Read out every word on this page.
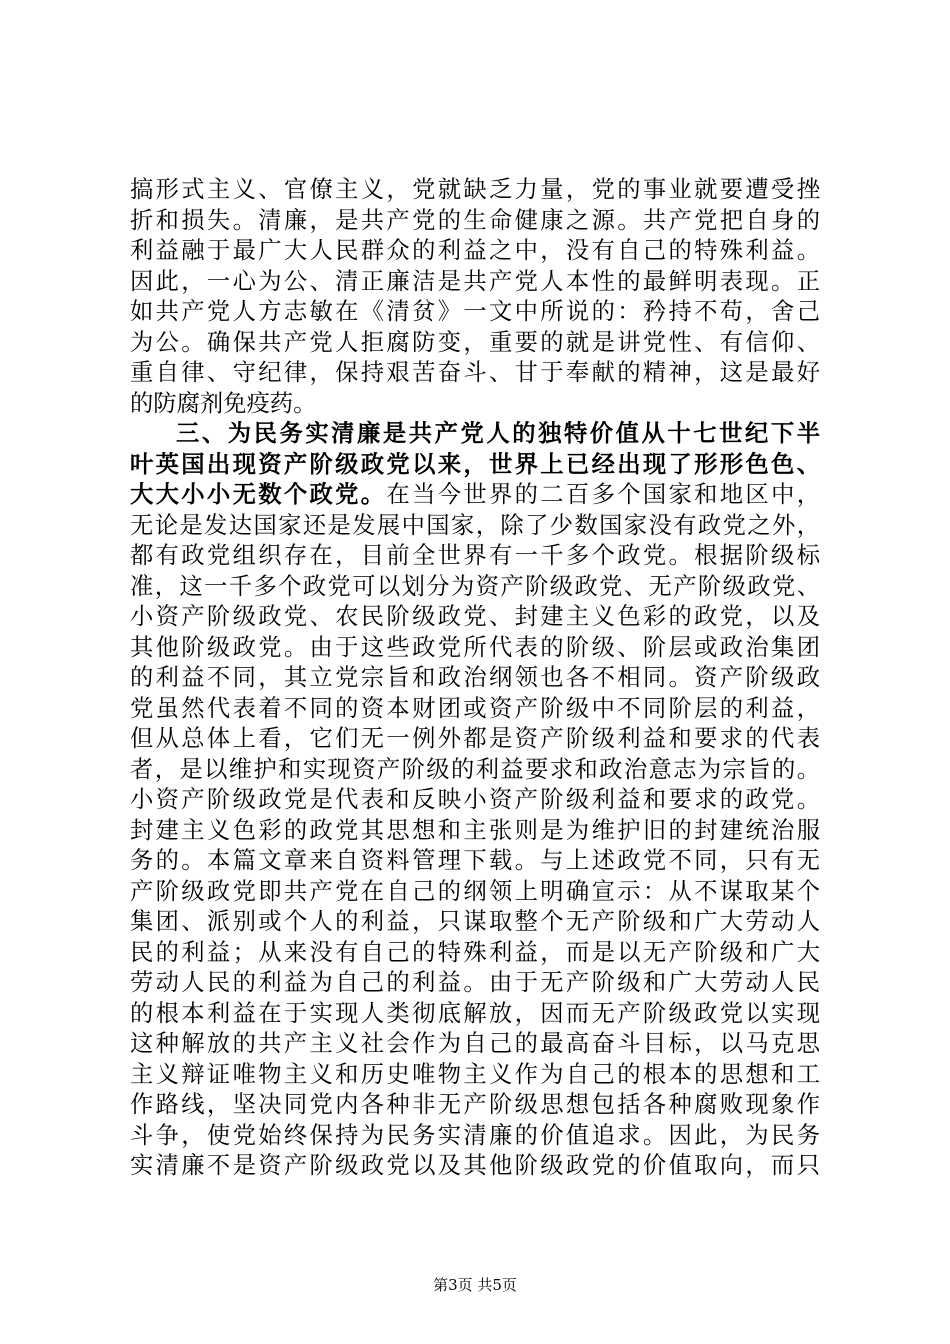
搞形式主义、官僚主义，党就缺乏力量，党的事业就要遭受挫
折和损失。清廉，是共产党的生命健康之源。共产党把自身的
利益融于最广大人民群众的利益之中，没有自己的特殊利益。
因此，一心为公、清正廉洁是共产党人本性的最鲜明表现。正
如共产党人方志敏在《清贫》一文中所说的：矜持不苟，舍己
为公。确保共产党人拒腐防变，重要的就是讲党性、有信仰、
重自律、守纪律，保持艰苦奋斗、甘于奉献的精神，这是最好
的防腐剂免疫药。
三、为民务实清廉是共产党人的独特价值从十七世纪下半
叶英国出现资产阶级政党以来，世界上已经出现了形形色色、
大大小小无数个政党。在当今世界的二百多个国家和地区中，
无论是发达国家还是发展中国家，除了少数国家没有政党之外，
都有政党组织存在，目前全世界有一千多个政党。根据阶级标
准，这一千多个政党可以划分为资产阶级政党、无产阶级政党、
小资产阶级政党、农民阶级政党、封建主义色彩的政党，以及
其他阶级政党。由于这些政党所代表的阶级、阶层或政治集团
的利益不同，其立党宗旨和政治纲领也各不相同。资产阶级政
党虽然代表着不同的资本财团或资产阶级中不同阶层的利益，
但从总体上看，它们无一例外都是资产阶级利益和要求的代表
者，是以维护和实现资产阶级的利益要求和政治意志为宗旨的。
小资产阶级政党是代表和反映小资产阶级利益和要求的政党。
封建主义色彩的政党其思想和主张则是为维护旧的封建统治服
务的。本篇文章来自资料管理下载。与上述政党不同，只有无
产阶级政党即共产党在自己的纲领上明确宣示：从不谋取某个
集团、派别或个人的利益，只谋取整个无产阶级和广大劳动人
民的利益；从来没有自己的特殊利益，而是以无产阶级和广大
劳动人民的利益为自己的利益。由于无产阶级和广大劳动人民
的根本利益在于实现人类彻底解放，因而无产阶级政党以实现
这种解放的共产主义社会作为自己的最高奋斗目标，以马克思
主义辩证唯物主义和历史唯物主义作为自己的根本的思想和工
作路线，坚决同党内各种非无产阶级思想包括各种腐败现象作
斗争，使党始终保持为民务实清廉的价值追求。因此，为民务
实清廉不是资产阶级政党以及其他阶级政党的价值取向，而只
第3页 共5页
